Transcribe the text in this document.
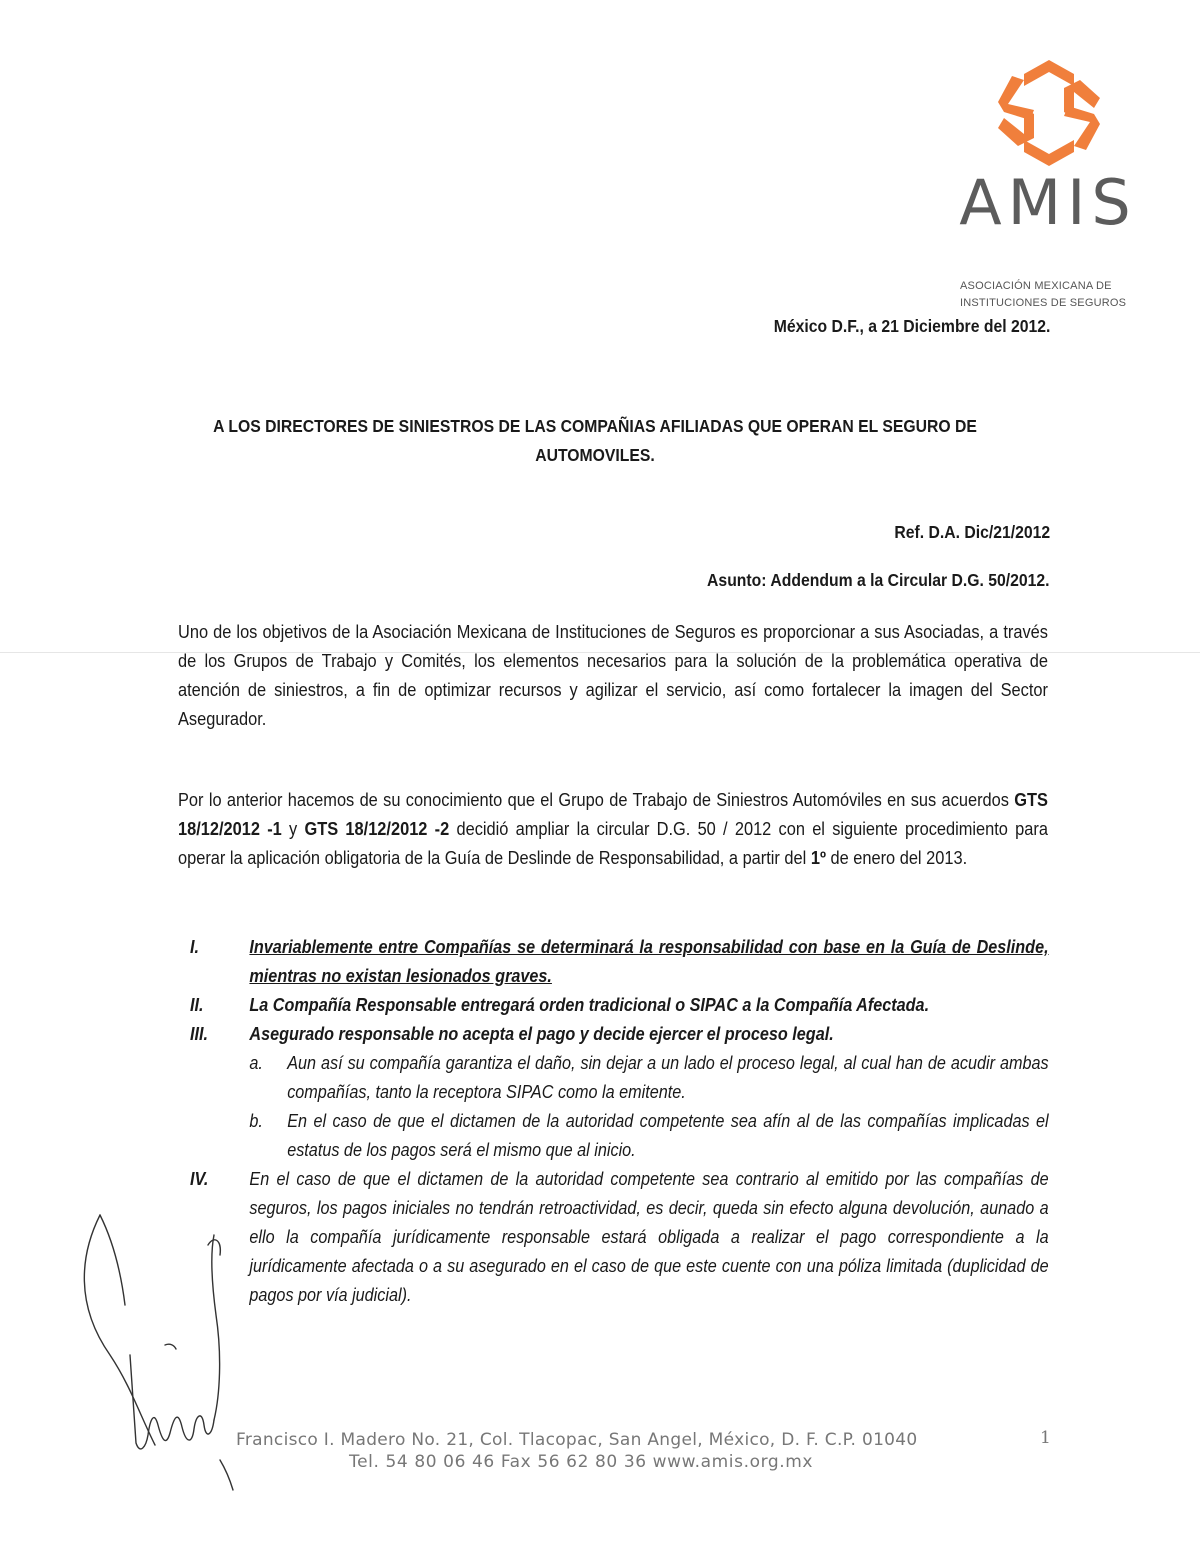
AMIS
ASOCIACIÓN MEXICANA DE
INSTITUCIONES DE SEGUROS
México D.F., a 21 Diciembre del 2012.
A LOS DIRECTORES DE SINIESTROS DE LAS COMPAÑIAS AFILIADAS QUE OPERAN EL SEGURO DE AUTOMOVILES.
Ref. D.A. Dic/21/2012
Asunto: Addendum a la Circular D.G. 50/2012.
Uno de los objetivos de la Asociación Mexicana de Instituciones de Seguros es proporcionar a sus Asociadas, a través de los Grupos de Trabajo y Comités, los elementos necesarios para la solución de la problemática operativa de atención de siniestros, a fin de optimizar recursos y agilizar el servicio, así como fortalecer la imagen del Sector Asegurador.
Por lo anterior hacemos de su conocimiento que el Grupo de Trabajo de Siniestros Automóviles en sus acuerdos GTS 18/12/2012 -1 y GTS 18/12/2012 -2 decidió ampliar la circular D.G. 50 / 2012 con el siguiente procedimiento para operar la aplicación obligatoria de la Guía de Deslinde de Responsabilidad, a partir del 1º de enero del 2013.
I.	Invariablemente entre Compañías se determinará la responsabilidad con base en la Guía de Deslinde, mientras no existan lesionados graves.
II.	La Compañía Responsable entregará orden tradicional o SIPAC a la Compañía Afectada.
III.	Asegurado responsable no acepta el pago y decide ejercer el proceso legal.
a.	Aun así su compañía garantiza el daño, sin dejar a un lado el proceso legal, al cual han de acudir ambas compañías, tanto la receptora SIPAC como la emitente.
b.	En el caso de que el dictamen de la autoridad competente sea afín al de las compañías implicadas el estatus de los pagos será el mismo que al inicio.
IV.	En el caso de que el dictamen de la autoridad competente sea contrario al emitido por las compañías de seguros, los pagos iniciales no tendrán retroactividad, es decir, queda sin efecto alguna devolución, aunado a ello la compañía jurídicamente responsable estará obligada a realizar el pago correspondiente a la jurídicamente afectada o a su asegurado en el caso de que este cuente con una póliza limitada (duplicidad de pagos por vía judicial).
Francisco I. Madero No. 21, Col. Tlacopac, San Angel, México, D. F. C.P. 01040
Tel. 54 80 06 46 Fax 56 62 80 36 www.amis.org.mx
1
